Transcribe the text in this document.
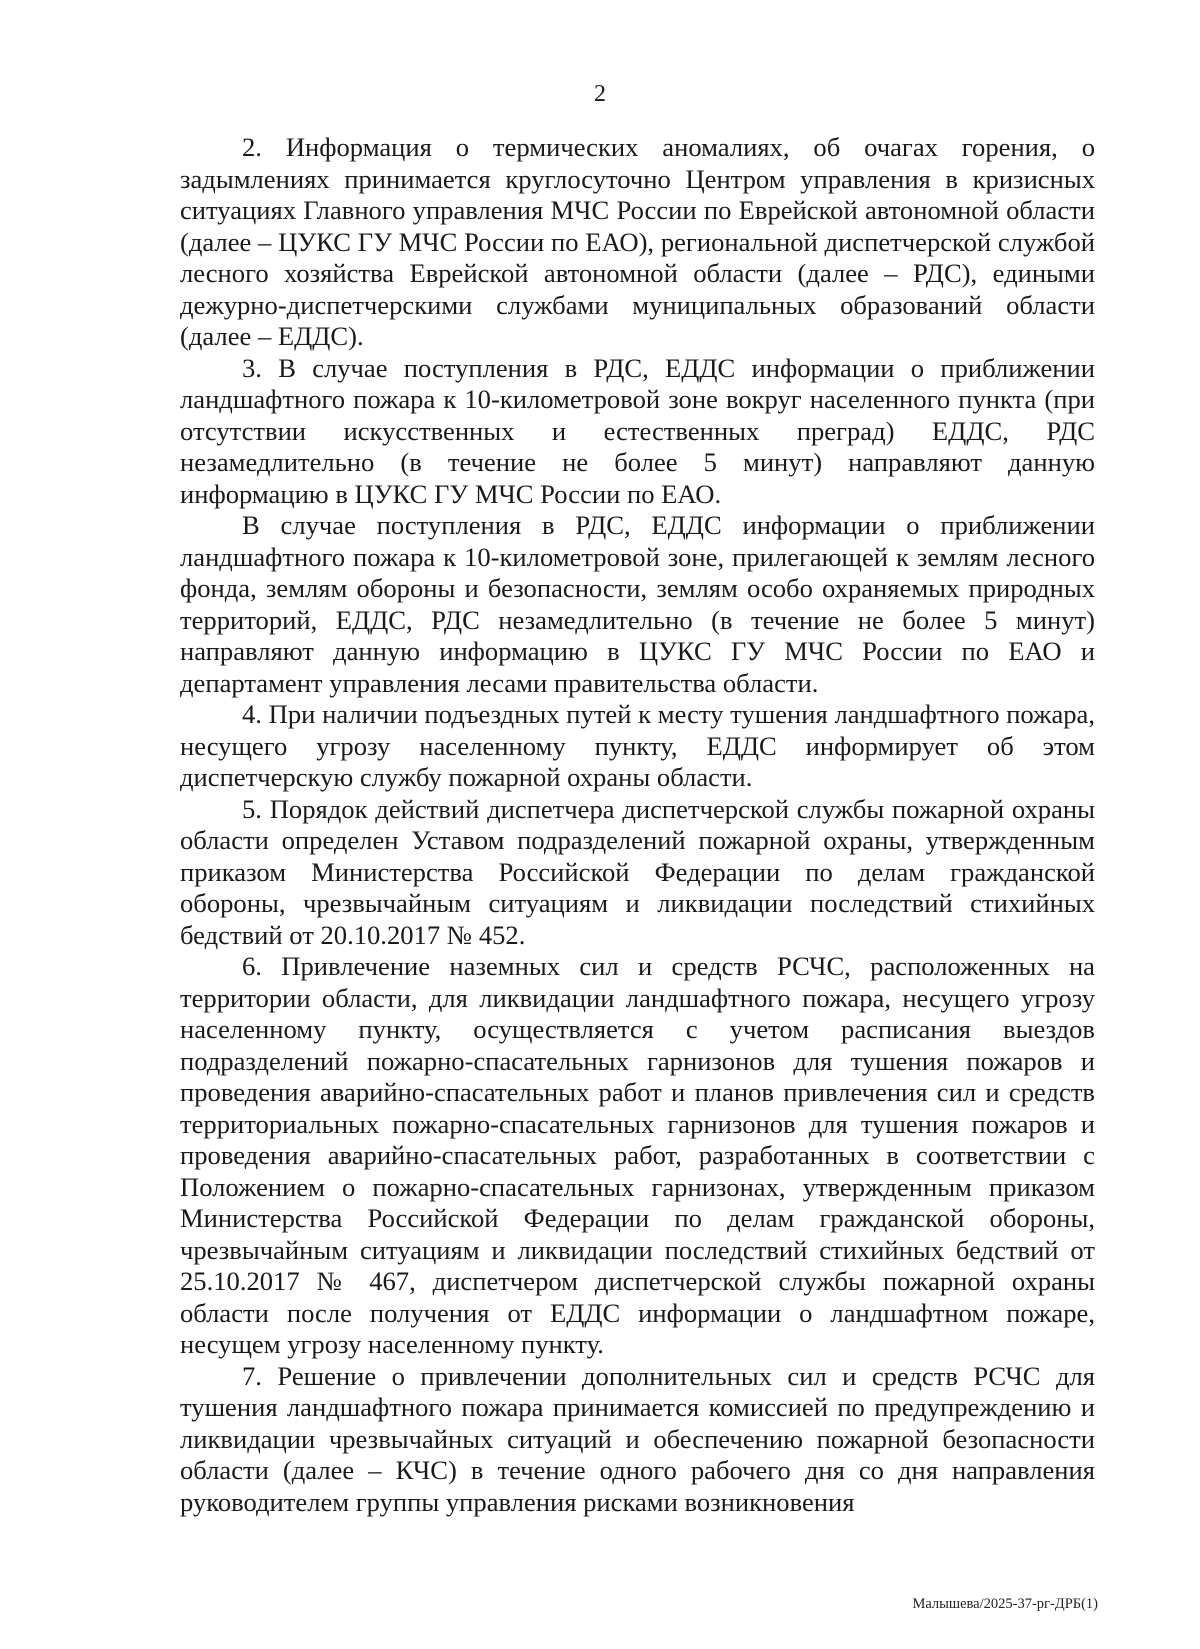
2

2. Информация о термических аномалиях, об очагах горения, о задымлениях принимается круглосуточно Центром управления в кризисных ситуациях Главного управления МЧС России по Еврейской автономной области (далее – ЦУКС ГУ МЧС России по ЕАО), региональной диспетчерской службой лесного хозяйства Еврейской автономной области (далее – РДС), едиными дежурно-диспетчерскими службами муниципальных образований области (далее – ЕДДС).

3. В случае поступления в РДС, ЕДДС информации о приближении ландшафтного пожара к 10-километровой зоне вокруг населенного пункта (при отсутствии искусственных и естественных преград) ЕДДС, РДС незамедлительно (в течение не более 5 минут) направляют данную информацию в ЦУКС ГУ МЧС России по ЕАО.

В случае поступления в РДС, ЕДДС информации о приближении ландшафтного пожара к 10-километровой зоне, прилегающей к землям лесного фонда, землям обороны и безопасности, землям особо охраняемых природных территорий, ЕДДС, РДС незамедлительно (в течение не более 5 минут) направляют данную информацию в ЦУКС ГУ МЧС России по ЕАО и департамент управления лесами правительства области.

4. При наличии подъездных путей к месту тушения ландшафтного пожара, несущего угрозу населенному пункту, ЕДДС информирует об этом диспетчерскую службу пожарной охраны области.

5. Порядок действий диспетчера диспетчерской службы пожарной охраны области определен Уставом подразделений пожарной охраны, утвержденным приказом Министерства Российской Федерации по делам гражданской обороны, чрезвычайным ситуациям и ликвидации последствий стихийных бедствий от 20.10.2017 № 452.

6. Привлечение наземных сил и средств РСЧС, расположенных на территории области, для ликвидации ландшафтного пожара, несущего угрозу населенному пункту, осуществляется с учетом расписания выездов подразделений пожарно-спасательных гарнизонов для тушения пожаров и проведения аварийно-спасательных работ и планов привлечения сил и средств территориальных пожарно-спасательных гарнизонов для тушения пожаров и проведения аварийно-спасательных работ, разработанных в соответствии с Положением о пожарно-спасательных гарнизонах, утвержденным приказом Министерства Российской Федерации по делам гражданской обороны, чрезвычайным ситуациям и ликвидации последствий стихийных бедствий от 25.10.2017 № 467, диспетчером диспетчерской службы пожарной охраны области после получения от ЕДДС информации о ландшафтном пожаре, несущем угрозу населенному пункту.

7. Решение о привлечении дополнительных сил и средств РСЧС для тушения ландшафтного пожара принимается комиссией по предупреждению и ликвидации чрезвычайных ситуаций и обеспечению пожарной безопасности области (далее – КЧС) в течение одного рабочего дня со дня направления руководителем группы управления рисками возникновения

Малышева/2025-37-рг-ДРБ(1)
